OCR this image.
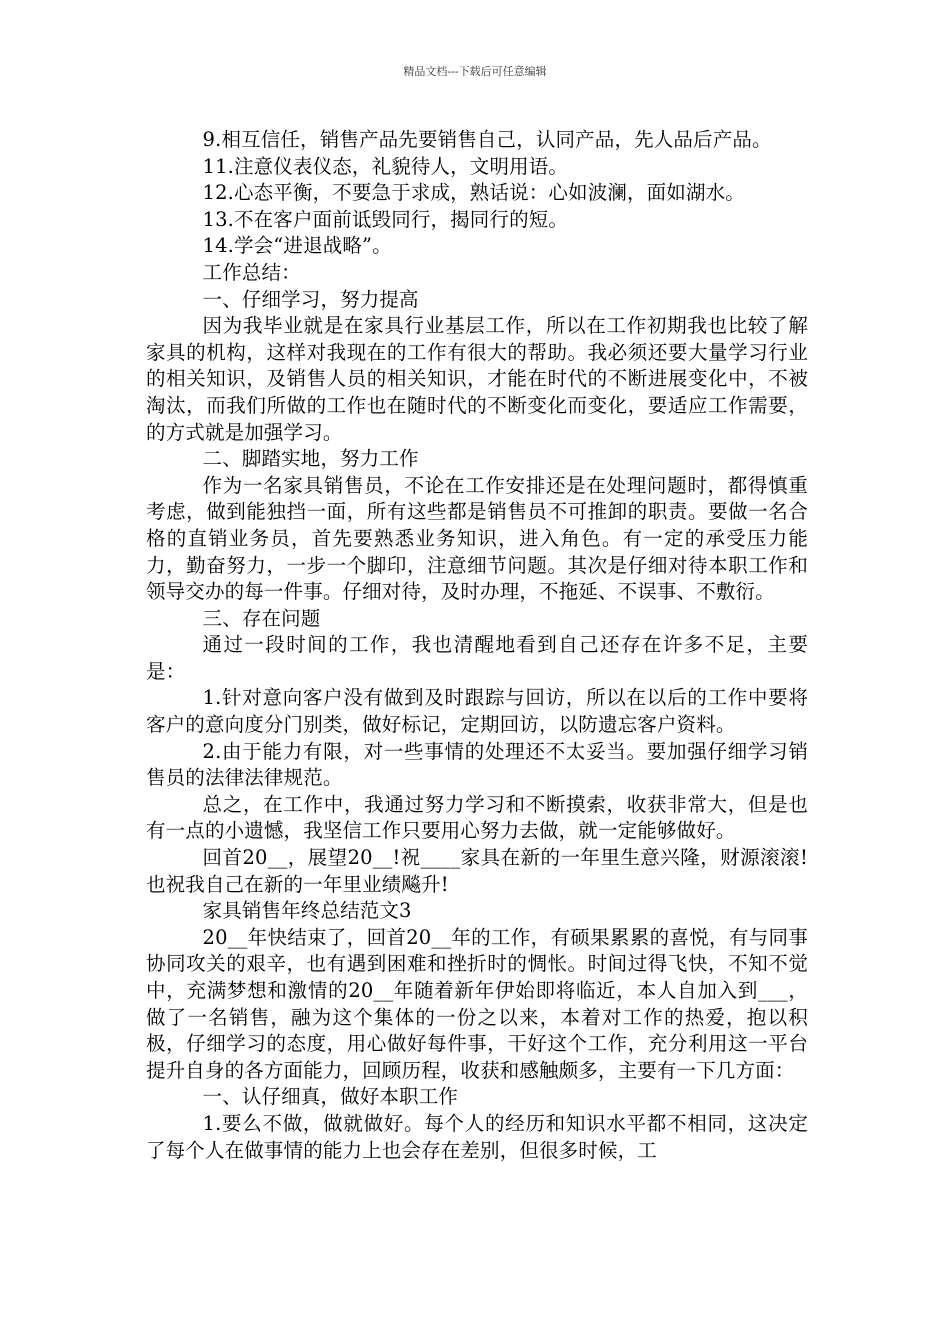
精品文档---下载后可任意编辑

9.相互信任，销售产品先要销售自己，认同产品，先人品后产品。

11.注意仪表仪态，礼貌待人，文明用语。

12.心态平衡，不要急于求成，熟话说：心如波澜，面如湖水。

13.不在客户面前诋毁同行，揭同行的短。

14.学会“进退战略”。

工作总结：

一、仔细学习，努力提高

因为我毕业就是在家具行业基层工作，所以在工作初期我也比较了解家具的机构，这样对我现在的工作有很大的帮助。我必须还要大量学习行业的相关知识，及销售人员的相关知识，才能在时代的不断进展变化中，不被淘汰，而我们所做的工作也在随时代的不断变化而变化，要适应工作需要，的方式就是加强学习。

二、脚踏实地，努力工作

作为一名家具销售员，不论在工作安排还是在处理问题时，都得慎重考虑，做到能独挡一面，所有这些都是销售员不可推卸的职责。要做一名合格的直销业务员，首先要熟悉业务知识，进入角色。有一定的承受压力能力，勤奋努力，一步一个脚印，注意细节问题。其次是仔细对待本职工作和领导交办的每一件事。仔细对待，及时办理，不拖延、不误事、不敷衍。

三、存在问题

通过一段时间的工作，我也清醒地看到自己还存在许多不足，主要是：

1.针对意向客户没有做到及时跟踪与回访，所以在以后的工作中要将客户的意向度分门别类，做好标记，定期回访，以防遗忘客户资料。

2.由于能力有限，对一些事情的处理还不太妥当。要加强仔细学习销售员的法律法律规范。

总之，在工作中，我通过努力学习和不断摸索，收获非常大，但是也有一点的小遗憾，我坚信工作只要用心努力去做，就一定能够做好。

回首20__，展望20__!祝____家具在新的一年里生意兴隆，财源滚滚!也祝我自己在新的一年里业绩飚升!

家具销售年终总结范文3

20__年快结束了，回首20__年的工作，有硕果累累的喜悦，有与同事协同攻关的艰辛，也有遇到困难和挫折时的惆怅。时间过得飞快，不知不觉中，充满梦想和激情的20__年随着新年伊始即将临近，本人自加入到___，做了一名销售，融为这个集体的一份之以来，本着对工作的热爱，抱以积极，仔细学习的态度，用心做好每件事，干好这个工作，充分利用这一平台提升自身的各方面能力，回顾历程，收获和感触颇多，主要有一下几方面：

一、认仔细真，做好本职工作

1.要么不做，做就做好。每个人的经历和知识水平都不相同，这决定了每个人在做事情的能力上也会存在差别，但很多时候，工
